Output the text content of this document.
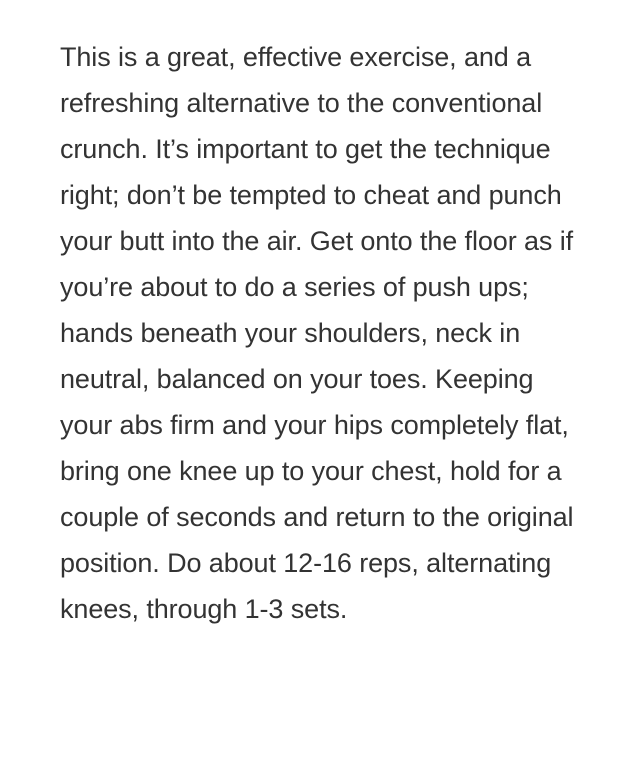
This is a great, effective exercise, and a refreshing alternative to the conventional crunch. It’s important to get the technique right; don’t be tempted to cheat and punch your butt into the air. Get onto the floor as if you’re about to do a series of push ups; hands beneath your shoulders, neck in neutral, balanced on your toes. Keeping your abs firm and your hips completely flat, bring one knee up to your chest, hold for a couple of seconds and return to the original position. Do about 12-16 reps, alternating knees, through 1-3 sets.
